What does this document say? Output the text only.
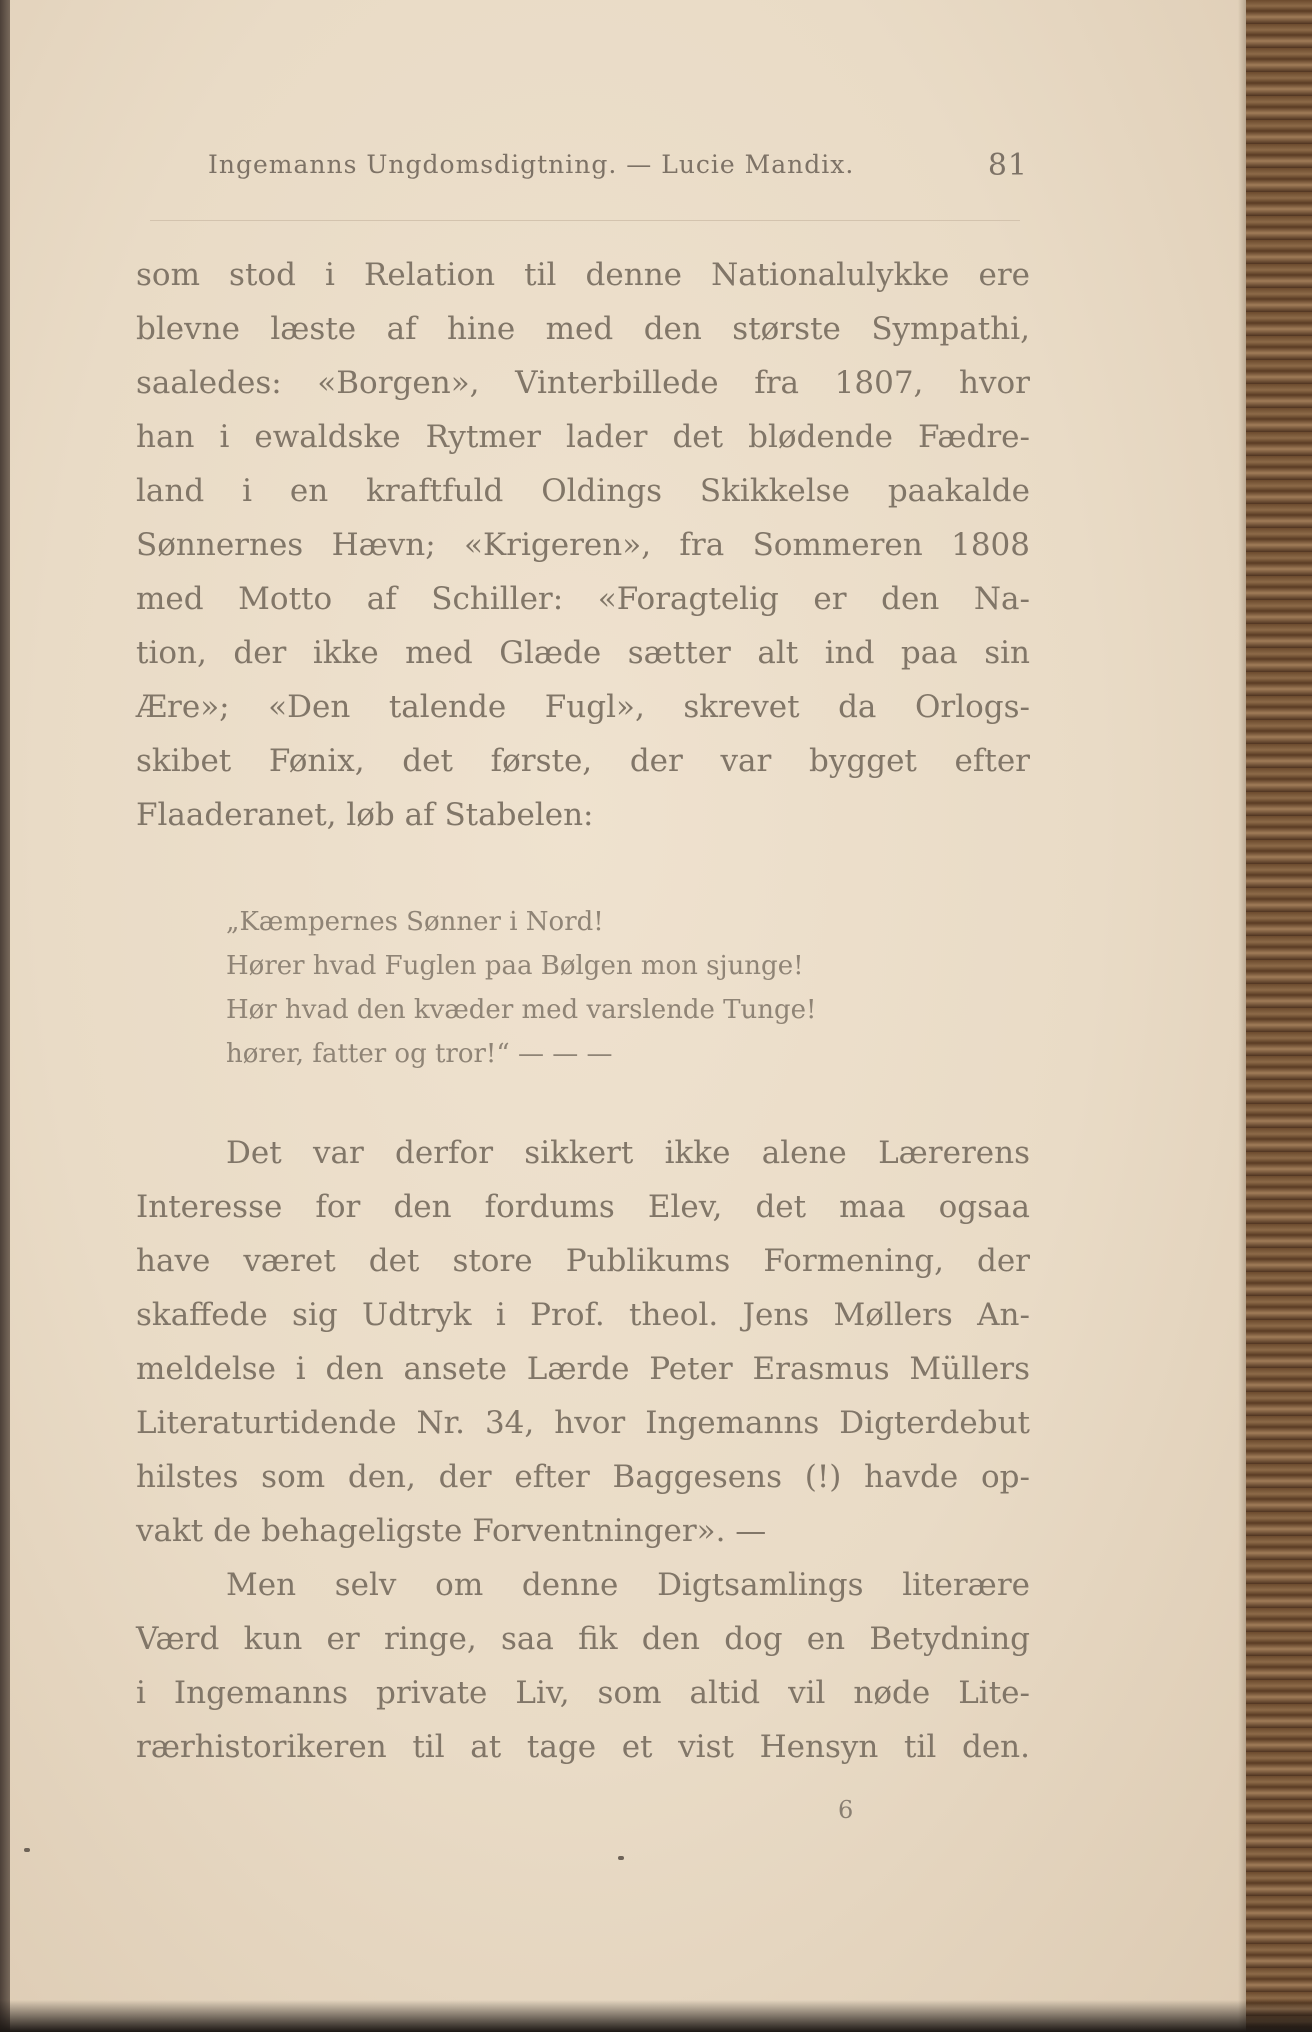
Ingemanns Ungdomsdigtning. — Lucie Mandix.	81
som stod i Relation til denne Nationalulykke ere
blevne læste af hine med den største Sympathi,
saaledes: «Borgen», Vinterbillede fra 1807, hvor
han i ewaldske Rytmer lader det blødende Fædre-
land i en kraftfuld Oldings Skikkelse paakalde
Sønnernes Hævn; «Krigeren», fra Sommeren 1808
med Motto af Schiller: «Foragtelig er den Na-
tion, der ikke med Glæde sætter alt ind paa sin
Ære»; «Den talende Fugl», skrevet da Orlogs-
skibet Fønix, det første, der var bygget efter
Flaaderanet, løb af Stabelen:
„Kæmpernes Sønner i Nord!
Hører hvad Fuglen paa Bølgen mon sjunge!
Hør hvad den kvæder med varslende Tunge!
hører, fatter og tror!“ — — —
Det var derfor sikkert ikke alene Lærerens
Interesse for den fordums Elev, det maa ogsaa
have været det store Publikums Formening, der
skaffede sig Udtryk i Prof. theol. Jens Møllers An-
meldelse i den ansete Lærde Peter Erasmus Müllers
Literaturtidende Nr. 34, hvor Ingemanns Digterdebut
hilstes som den, der efter Baggesens (!) havde op-
vakt de behageligste Forventninger». —
Men selv om denne Digtsamlings literære
Værd kun er ringe, saa fik den dog en Betydning
i Ingemanns private Liv, som altid vil nøde Lite-
rærhistorikeren til at tage et vist Hensyn til den.
6
